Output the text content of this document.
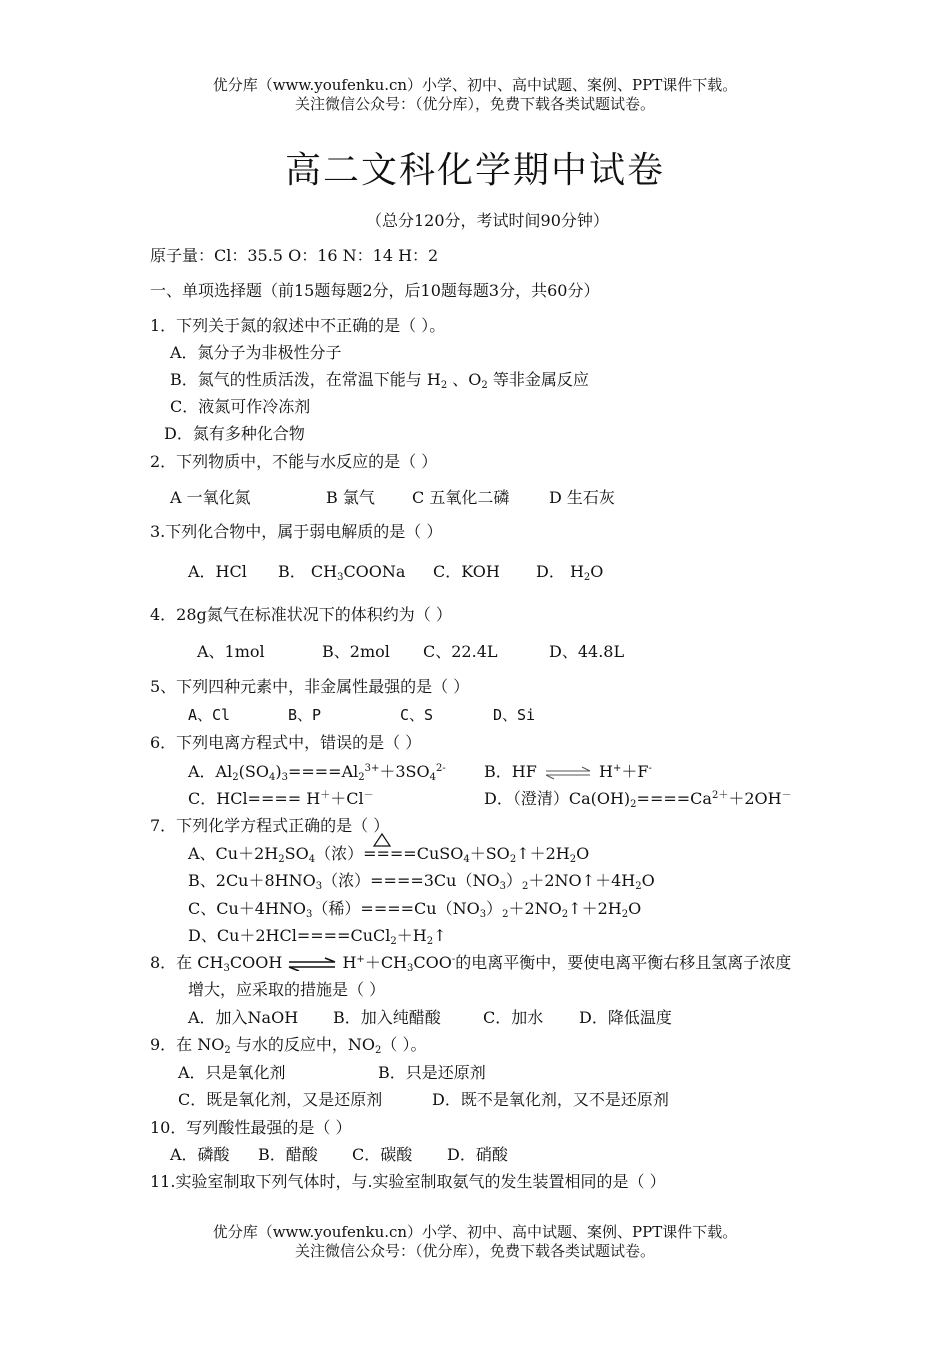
优分库（www.youfenku.cn）小学、初中、高中试题、案例、PPT课件下载。
关注微信公众号：（优分库），免费下载各类试题试卷。
高二文科化学期中试卷
（总分120分，考试时间90分钟）
原子量：Cl：35.5 O：16 N：14 H：2
一、单项选择题（前15题每题2分，后10题每题3分，共60分）
1．下列关于氮的叙述中不正确的是（ ）。
A．氮分子为非极性分子
B．氮气的性质活泼，在常温下能与 $H_2$ 、$O_2$ 等非金属反应
C．液氮可作冷冻剂
D．氮有多种化合物
2．下列物质中，不能与水反应的是（ ）
A 一氧化氮	B 氯气 C 五氧化二磷 D 生石灰
3.下列化合物中，属于弱电解质的是（ ）
A．HCl B． $CH_3COONa$ C．KOH D． $H_2O$
4．28g氮气在标准状况下的体积约为（ ）
A、1mol	B、2mol C、22.4L	D、44.8L
5、下列四种元素中，非金属性最强的是（ ）
A、Cl	B、P	C、S	D、Si
6．下列电离方程式中，错误的是（ ）
A．$Al_2(SO_4)_3====Al_2^{3+}+3SO_4^{2-}$ B．HF ⇌ H+＋F-
C．HCl==== H＋＋Cl－	D．（澄清）$Ca(OH)_2====Ca^{2+}+2OH^-$
7．下列化学方程式正确的是（ ）
A、$Cu+2H_2SO_4$（浓）$====CuSO_4+SO_2↑+2H_2O$
B、$2Cu+8HNO_3$（浓）$====3Cu(NO_3)_2+2NO↑+4H_2O$
C、$Cu+4HNO_3$（稀）$====Cu(NO_3)_2+2NO_2↑+2H_2O$
D、$Cu+2HCl====CuCl_2+H_2↑$
8．在 $CH_3COOH$ ⇌ $H^++CH_3COO^-$的电离平衡中，要使电离平衡右移且氢离子浓度
增大，应采取的措施是（ ）
A．加入NaOH B．加入纯醋酸	C．加水 D．降低温度
9．在 $NO_2$ 与水的反应中，$NO_2$（ ）。
A．只是氧化剂	B．只是还原剂
C．既是氧化剂，又是还原剂	D．既不是氧化剂，又不是还原剂
10．写列酸性最强的是（ ）
A．磷酸 B．醋酸 C．碳酸 D．硝酸
11.实验室制取下列气体时，与.实验室制取氨气的发生装置相同的是（ ）
优分库（www.youfenku.cn）小学、初中、高中试题、案例、PPT课件下载。
关注微信公众号：（优分库），免费下载各类试题试卷。
